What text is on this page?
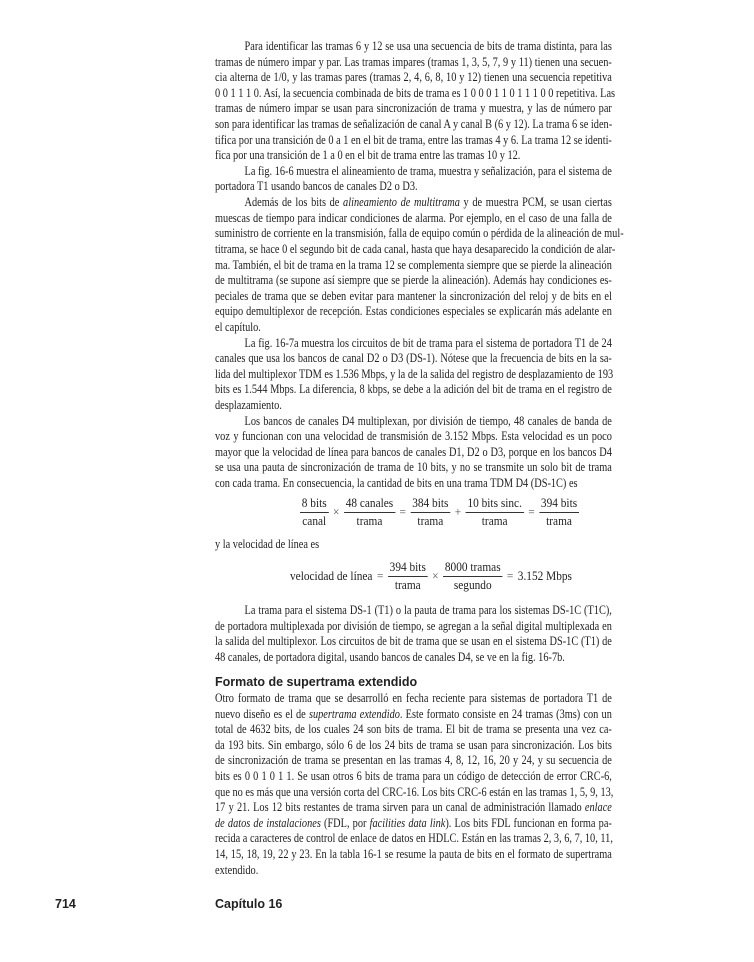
Para identificar las tramas 6 y 12 se usa una secuencia de bits de trama distinta, para las
tramas de número impar y par. Las tramas impares (tramas 1, 3, 5, 7, 9 y 11) tienen una secuen-
cia alterna de 1/0, y las tramas pares (tramas 2, 4, 6, 8, 10 y 12) tienen una secuencia repetitiva
0 0 1 1 1 0. Así, la secuencia combinada de bits de trama es 1 0 0 0 1 1 0 1 1 1 0 0 repetitiva. Las
tramas de número impar se usan para sincronización de trama y muestra, y las de número par
son para identificar las tramas de señalización de canal A y canal B (6 y 12). La trama 6 se iden-
tifica por una transición de 0 a 1 en el bit de trama, entre las tramas 4 y 6. La trama 12 se identi-
fica por una transición de 1 a 0 en el bit de trama entre las tramas 10 y 12.
La fig. 16-6 muestra el alineamiento de trama, muestra y señalización, para el sistema de
portadora T1 usando bancos de canales D2 o D3.
Además de los bits de alineamiento de multitrama y de muestra PCM, se usan ciertas
muescas de tiempo para indicar condiciones de alarma. Por ejemplo, en el caso de una falla de
suministro de corriente en la transmisión, falla de equipo común o pérdida de la alineación de mul-
titrama, se hace 0 el segundo bit de cada canal, hasta que haya desaparecido la condición de alar-
ma. También, el bit de trama en la trama 12 se complementa siempre que se pierde la alineación
de multitrama (se supone así siempre que se pierde la alineación). Además hay condiciones es-
peciales de trama que se deben evitar para mantener la sincronización del reloj y de bits en el
equipo demultiplexor de recepción. Estas condiciones especiales se explicarán más adelante en
el capítulo.
La fig. 16-7a muestra los circuitos de bit de trama para el sistema de portadora T1 de 24
canales que usa los bancos de canal D2 o D3 (DS-1). Nótese que la frecuencia de bits en la sa-
lida del multiplexor TDM es 1.536 Mbps, y la de la salida del registro de desplazamiento de 193
bits es 1.544 Mbps. La diferencia, 8 kbps, se debe a la adición del bit de trama en el registro de
desplazamiento.
Los bancos de canales D4 multiplexan, por división de tiempo, 48 canales de banda de
voz y funcionan con una velocidad de transmisión de 3.152 Mbps. Esta velocidad es un poco
mayor que la velocidad de línea para bancos de canales D1, D2 o D3, porque en los bancos D4
se usa una pauta de sincronización de trama de 10 bits, y no se transmite un solo bit de trama
con cada trama. En consecuencia, la cantidad de bits en una trama TDM D4 (DS-1C) es
$\frac{\text{8 bits}}{\text{canal}} \times \frac{\text{48 canales}}{\text{trama}} = \frac{\text{384 bits}}{\text{trama}} + \frac{\text{10 bits sinc.}}{\text{trama}} = \frac{\text{394 bits}}{\text{trama}}$
y la velocidad de línea es
velocidad de línea = $\frac{\text{394 bits}}{\text{trama}} \times \frac{\text{8000 tramas}}{\text{segundo}} = 3.152$ Mbps
La trama para el sistema DS-1 (T1) o la pauta de trama para los sistemas DS-1C (T1C),
de portadora multiplexada por división de tiempo, se agregan a la señal digital multiplexada en
la salida del multiplexor. Los circuitos de bit de trama que se usan en el sistema DS-1C (T1) de
48 canales, de portadora digital, usando bancos de canales D4, se ve en la fig. 16-7b.
Formato de supertrama extendido
Otro formato de trama que se desarrolló en fecha reciente para sistemas de portadora T1 de
nuevo diseño es el de supertrama extendido. Este formato consiste en 24 tramas (3ms) con un
total de 4632 bits, de los cuales 24 son bits de trama. El bit de trama se presenta una vez ca-
da 193 bits. Sin embargo, sólo 6 de los 24 bits de trama se usan para sincronización. Los bits
de sincronización de trama se presentan en las tramas 4, 8, 12, 16, 20 y 24, y su secuencia de
bits es 0 0 1 0 1 1. Se usan otros 6 bits de trama para un código de detección de error CRC-6,
que no es más que una versión corta del CRC-16. Los bits CRC-6 están en las tramas 1, 5, 9, 13,
17 y 21. Los 12 bits restantes de trama sirven para un canal de administración llamado enlace
de datos de instalaciones (FDL, por facilities data link). Los bits FDL funcionan en forma pa-
recida a caracteres de control de enlace de datos en HDLC. Están en las tramas 2, 3, 6, 7, 10, 11,
14, 15, 18, 19, 22 y 23. En la tabla 16-1 se resume la pauta de bits en el formato de supertrama
extendido.
714	Capítulo 16
